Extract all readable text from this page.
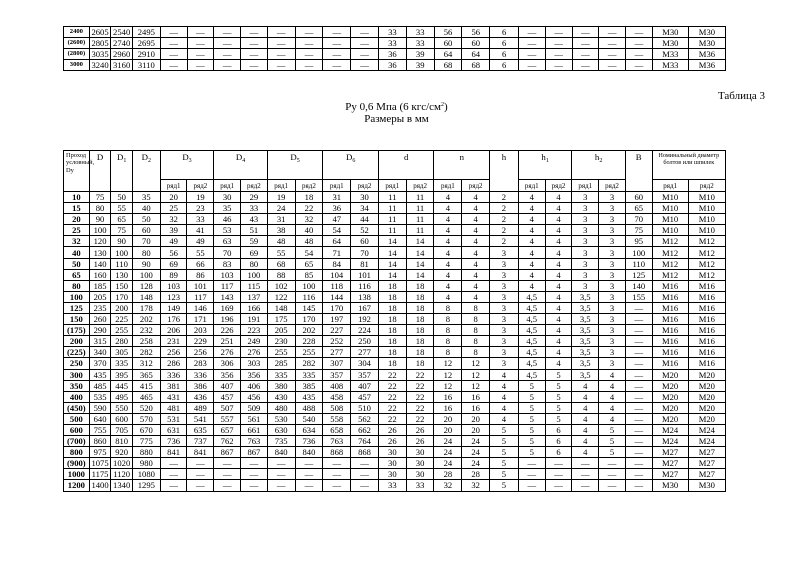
2400	2605	2540	2495	—	—	—	—	—	—	—	—	33	33	56	56	6	—	—	—	—	—	М30	М30
(2600)	2805	2740	2695	—	—	—	—	—	—	—	—	33	33	60	60	6	—	—	—	—	—	М30	М30
(2800)	3035	2960	2910	—	—	—	—	—	—	—	—	36	39	64	64	6	—	—	—	—	—	М33	М36
3000	3240	3160	3110	—	—	—	—	—	—	—	—	36	39	68	68	6	—	—	—	—	—	М33	М36
Таблица 3
Ру 0,6 Мпа (6 кгс/$см^2$)
Размеры в мм
Проход условный, Dy	D	$D_1$	$D_2$	$D_3$		$D_4$		$D_5$		$D_6$		d		n		h	$h_1$		$h_2$		B	Номинальный диаметр болтов или шпилек	
				ряд1	ряд2	ряд1	ряд2	ряд1	ряд2	ряд1	ряд2	ряд1	ряд2	ряд1	ряд2		ряд1	ряд2	ряд1	ряд2		ряд1	ряд2
10	75	50	35	20	19	30	29	19	18	31	30	11	11	4	4	2	4	4	3	3	60	М10	М10
15	80	55	40	25	23	35	33	24	22	36	34	11	11	4	4	2	4	4	3	3	65	М10	М10
20	90	65	50	32	33	46	43	31	32	47	44	11	11	4	4	2	4	4	3	3	70	М10	М10
25	100	75	60	39	41	53	51	38	40	54	52	11	11	4	4	2	4	4	3	3	75	М10	М10
32	120	90	70	49	49	63	59	48	48	64	60	14	14	4	4	2	4	4	3	3	95	М12	М12
40	130	100	80	56	55	70	69	55	54	71	70	14	14	4	4	3	4	4	3	3	100	М12	М12
50	140	110	90	69	66	83	80	68	65	84	81	14	14	4	4	3	4	4	3	3	110	М12	М12
65	160	130	100	89	86	103	100	88	85	104	101	14	14	4	4	3	4	4	3	3	125	М12	М12
80	185	150	128	103	101	117	115	102	100	118	116	18	18	4	4	3	4	4	3	3	140	М16	М16
100	205	170	148	123	117	143	137	122	116	144	138	18	18	4	4	3	4,5	4	3,5	3	155	М16	М16
125	235	200	178	149	146	169	166	148	145	170	167	18	18	8	8	3	4,5	4	3,5	3	—	М16	М16
150	260	225	202	176	171	196	191	175	170	197	192	18	18	8	8	3	4,5	4	3,5	3	—	М16	М16
(175)	290	255	232	206	203	226	223	205	202	227	224	18	18	8	8	3	4,5	4	3,5	3	—	М16	М16
200	315	280	258	231	229	251	249	230	228	252	250	18	18	8	8	3	4,5	4	3,5	3	—	М16	М16
(225)	340	305	282	256	256	276	276	255	255	277	277	18	18	8	8	3	4,5	4	3,5	3	—	М16	М16
250	370	335	312	286	283	306	303	285	282	307	304	18	18	12	12	3	4,5	4	3,5	3	—	М16	М16
300	435	395	365	336	336	356	356	335	335	357	357	22	22	12	12	4	4,5	5	3,5	4	—	М20	М20
350	485	445	415	381	386	407	406	380	385	408	407	22	22	12	12	4	5	5	4	4	—	М20	М20
400	535	495	465	431	436	457	456	430	435	458	457	22	22	16	16	4	5	5	4	4	—	М20	М20
(450)	590	550	520	481	489	507	509	480	488	508	510	22	22	16	16	4	5	5	4	4	—	М20	М20
500	640	600	570	531	541	557	561	530	540	558	562	22	22	20	20	4	5	5	4	4	—	М20	М20
600	755	705	670	631	635	657	661	630	634	658	662	26	26	20	20	5	5	6	4	5	—	М24	М24
(700)	860	810	775	736	737	762	763	735	736	763	764	26	26	24	24	5	5	6	4	5	—	М24	М24
800	975	920	880	841	841	867	867	840	840	868	868	30	30	24	24	5	5	6	4	5	—	М27	М27
(900)	1075	1020	980	—	—	—	—	—	—	—	—	30	30	24	24	5	—	—	—	—	—	М27	М27
1000	1175	1120	1080	—	—	—	—	—	—	—	—	30	30	28	28	5	—	—	—	—	—	М27	М27
1200	1400	1340	1295	—	—	—	—	—	—	—	—	33	33	32	32	5	—	—	—	—	—	М30	М30
